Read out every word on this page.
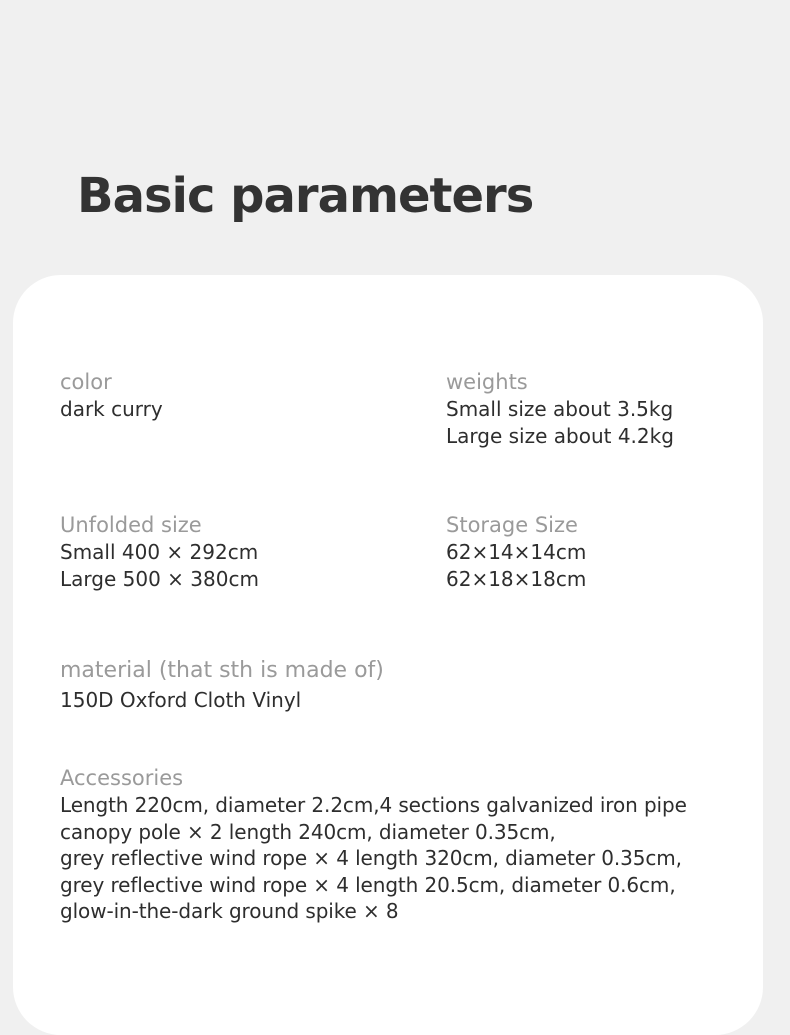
Basic parameters
color
dark curry
weights
Small size about 3.5kg
Large size about 4.2kg
Unfolded size
Small 400 × 292cm
Large 500 × 380cm
Storage Size
62×14×14cm
62×18×18cm
material (that sth is made of)
150D Oxford Cloth Vinyl
Accessories
Length 220cm, diameter 2.2cm,4 sections galvanized iron pipe
canopy pole × 2 length 240cm, diameter 0.35cm,
grey reflective wind rope × 4 length 320cm, diameter 0.35cm,
grey reflective wind rope × 4 length 20.5cm, diameter 0.6cm,
glow-in-the-dark ground spike × 8
